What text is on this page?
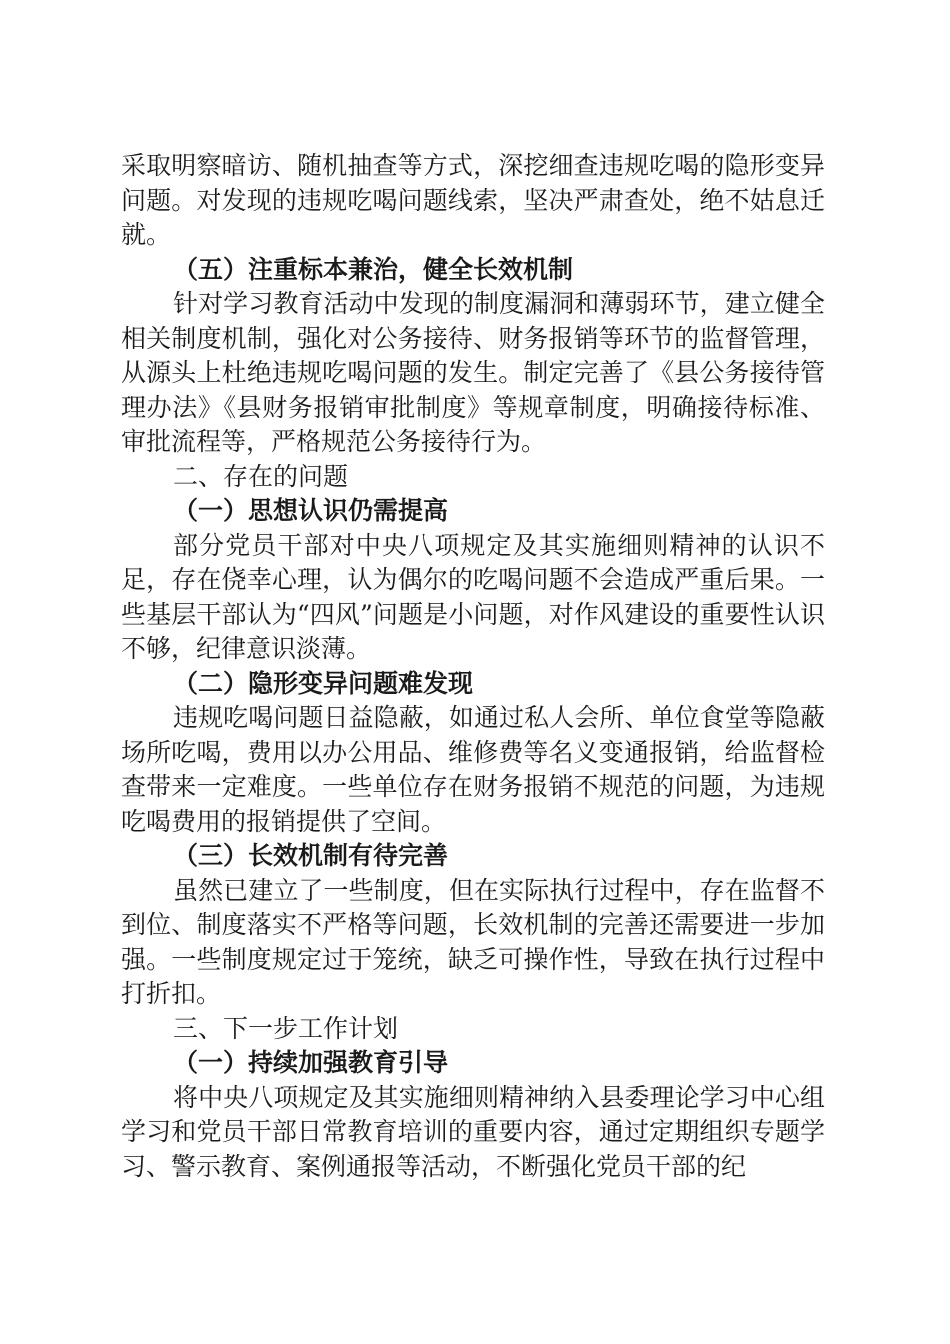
采取明察暗访、随机抽查等方式，深挖细查违规吃喝的隐形变异问题。对发现的违规吃喝问题线索，坚决严肃查处，绝不姑息迁就。

（五）注重标本兼治，健全长效机制

针对学习教育活动中发现的制度漏洞和薄弱环节，建立健全相关制度机制，强化对公务接待、财务报销等环节的监督管理，从源头上杜绝违规吃喝问题的发生。制定完善了《县公务接待管理办法》《县财务报销审批制度》等规章制度，明确接待标准、审批流程等，严格规范公务接待行为。

二、存在的问题

（一）思想认识仍需提高

部分党员干部对中央八项规定及其实施细则精神的认识不足，存在侥幸心理，认为偶尔的吃喝问题不会造成严重后果。一些基层干部认为“四风”问题是小问题，对作风建设的重要性认识不够，纪律意识淡薄。

（二）隐形变异问题难发现

违规吃喝问题日益隐蔽，如通过私人会所、单位食堂等隐蔽场所吃喝，费用以办公用品、维修费等名义变通报销，给监督检查带来一定难度。一些单位存在财务报销不规范的问题，为违规吃喝费用的报销提供了空间。

（三）长效机制有待完善

虽然已建立了一些制度，但在实际执行过程中，存在监督不到位、制度落实不严格等问题，长效机制的完善还需要进一步加强。一些制度规定过于笼统，缺乏可操作性，导致在执行过程中打折扣。

三、下一步工作计划

（一）持续加强教育引导

将中央八项规定及其实施细则精神纳入县委理论学习中心组学习和党员干部日常教育培训的重要内容，通过定期组织专题学习、警示教育、案例通报等活动，不断强化党员干部的纪
